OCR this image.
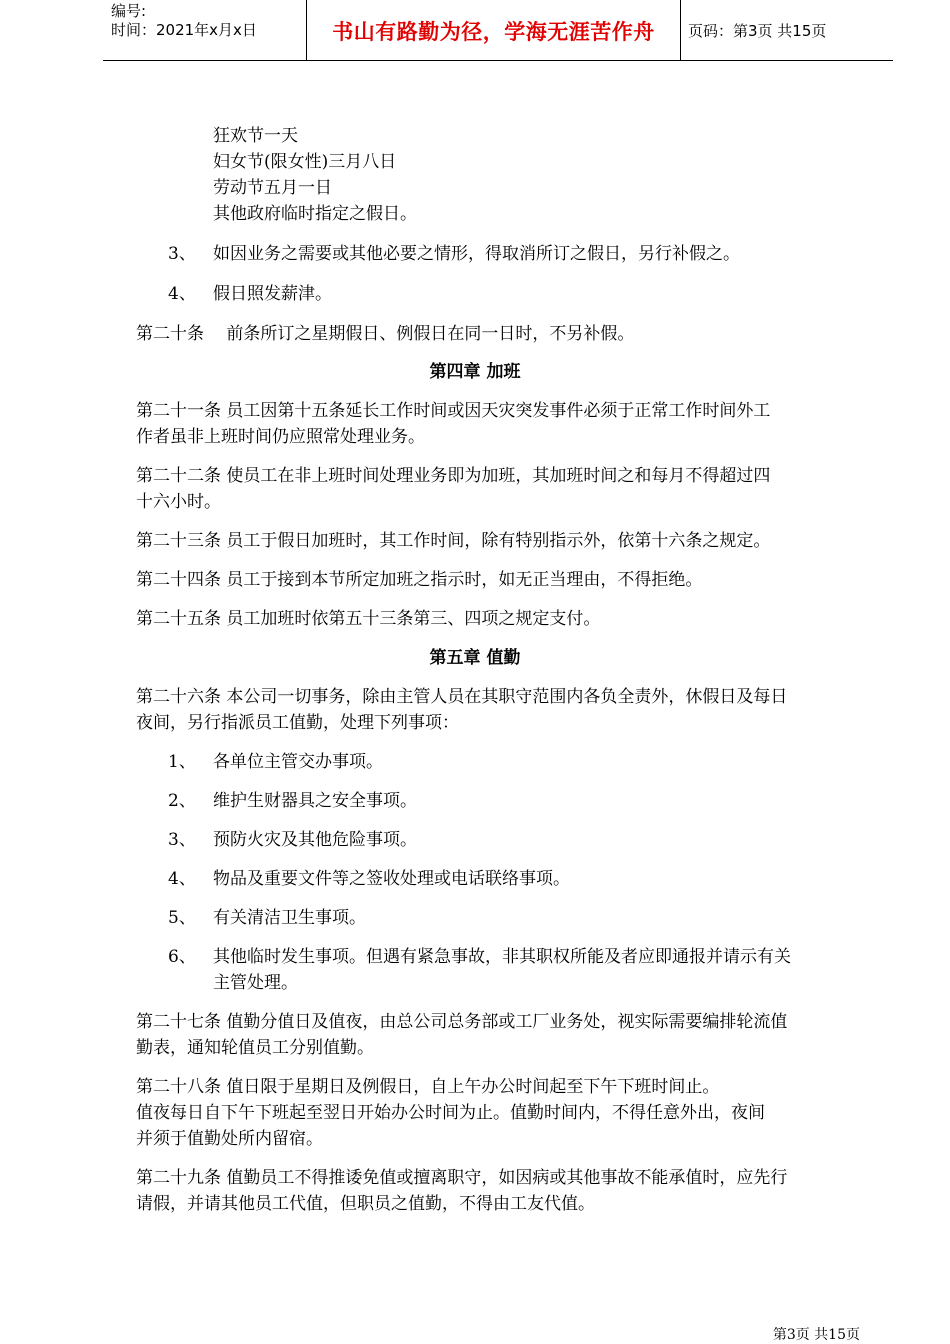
编号:
时间：2021年x月x日	书山有路勤为径，学海无涯苦作舟	页码：第3页 共15页
狂欢节一天
妇女节(限女性)三月八日
劳动节五月一日
其他政府临时指定之假日。
3、 如因业务之需要或其他必要之情形，得取消所订之假日，另行补假之。
4、 假日照发薪津。
第二十条　 前条所订之星期假日、例假日在同一日时，不另补假。
第四章 加班
第二十一条 员工因第十五条延长工作时间或因天灾突发事件必须于正常工作时间外工
作者虽非上班时间仍应照常处理业务。
第二十二条 使员工在非上班时间处理业务即为加班，其加班时间之和每月不得超过四
十六小时。
第二十三条 员工于假日加班时，其工作时间，除有特别指示外，依第十六条之规定。
第二十四条 员工于接到本节所定加班之指示时，如无正当理由，不得拒绝。
第二十五条 员工加班时依第五十三条第三、四项之规定支付。
第五章 值勤
第二十六条 本公司一切事务，除由主管人员在其职守范围内各负全责外，休假日及每日
夜间，另行指派员工值勤，处理下列事项：
1、 各单位主管交办事项。
2、 维护生财器具之安全事项。
3、 预防火灾及其他危险事项。
4、 物品及重要文件等之签收处理或电话联络事项。
5、 有关清洁卫生事项。
6、 其他临时发生事项。但遇有紧急事故，非其职权所能及者应即通报并请示有关
主管处理。
第二十七条 值勤分值日及值夜，由总公司总务部或工厂业务处，视实际需要编排轮流值
勤表，通知轮值员工分别值勤。
第二十八条 值日限于星期日及例假日，自上午办公时间起至下午下班时间止。
值夜每日自下午下班起至翌日开始办公时间为止。值勤时间内，不得任意外出，夜间
并须于值勤处所内留宿。
第二十九条 值勤员工不得推诿免值或擅离职守，如因病或其他事故不能承值时，应先行
请假，并请其他员工代值，但职员之值勤，不得由工友代值。
第3页 共15页
